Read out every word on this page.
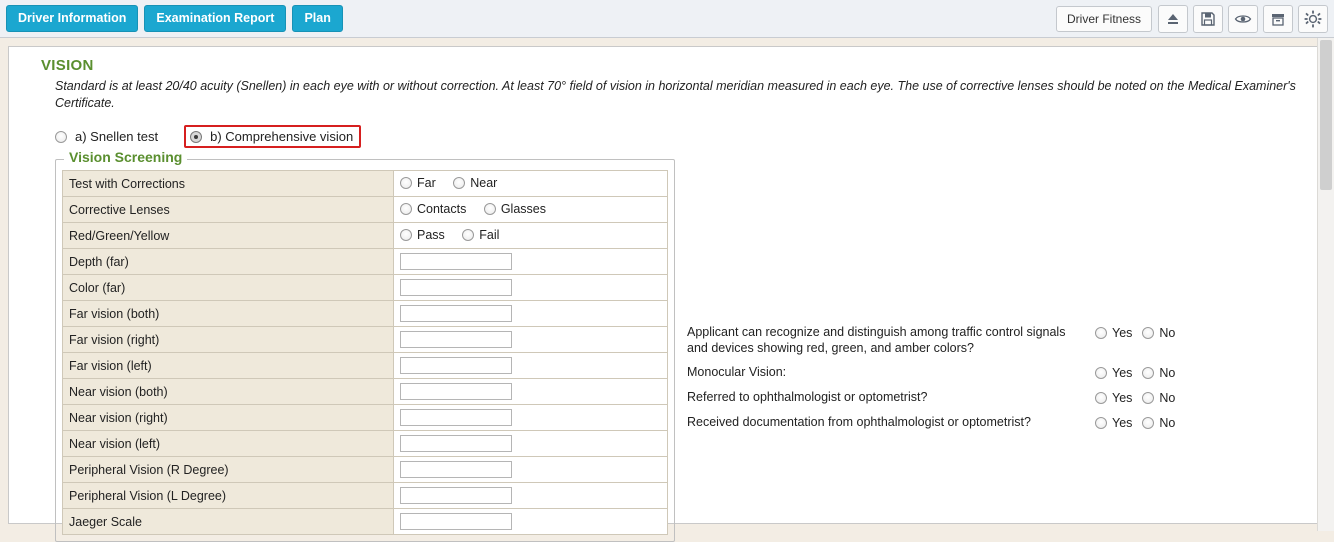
Driver Information	Examination Report	Plan	Driver Fitness
VISION
Standard is at least 20/40 acuity (Snellen) in each eye with or without correction. At least 70° field of vision in horizontal meridian measured in each eye. The use of corrective lenses should be noted on the Medical Examiner's Certificate.
a) Snellen test	b) Comprehensive vision
Vision Screening
Test with Corrections	Far
Near

Corrective Lenses	Contacts
Glasses

Red/Green/Yellow	Pass
Fail

Depth (far)	
Color (far)	
Far vision (both)	
Far vision (right)	
Far vision (left)	
Near vision (both)	
Near vision (right)	
Near vision (left)	
Peripheral Vision (R Degree)	
Peripheral Vision (L Degree)	
Jaeger Scale	
Applicant can recognize and distinguish among traffic control signals and devices showing red, green, and amber colors?
Yes No
Monocular Vision:	Yes No
Referred to ophthalmologist or optometrist?	Yes No
Received documentation from ophthalmologist or optometrist?	Yes No
